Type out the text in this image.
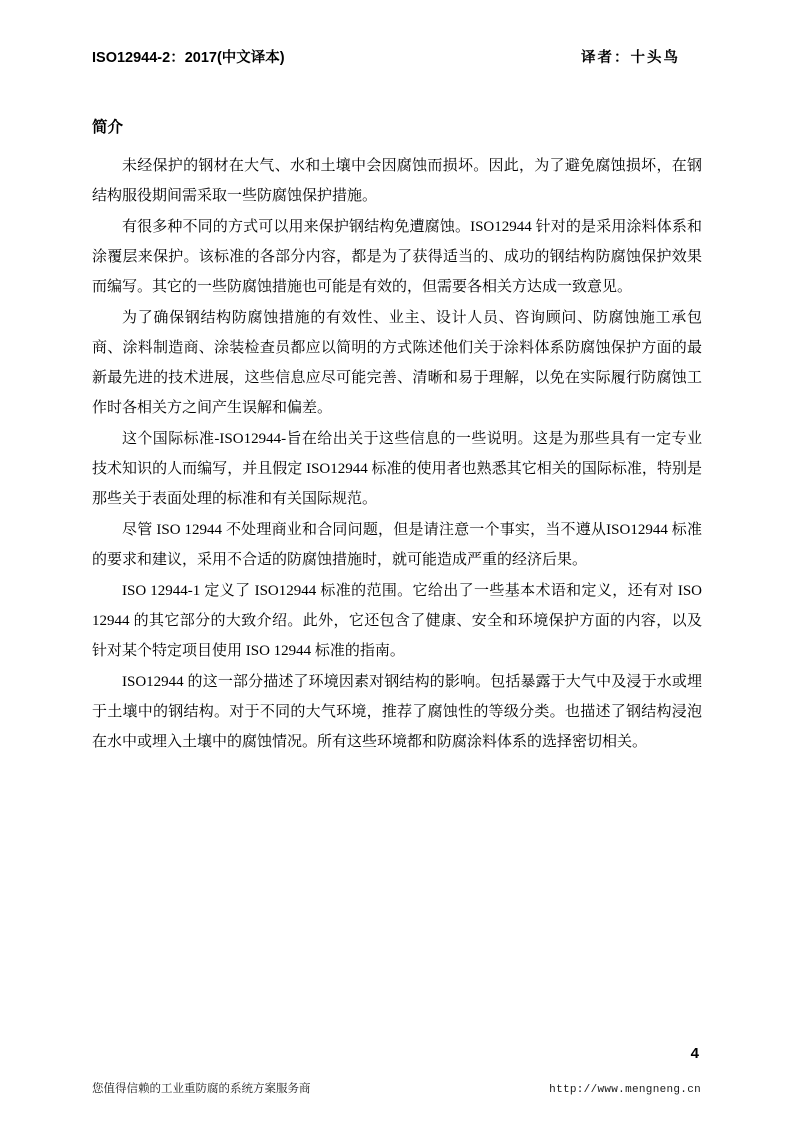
ISO12944-2：2017(中文译本)	译者：十头鸟
简介

未经保护的钢材在大气、水和土壤中会因腐蚀而损坏。因此，为了避免腐蚀损坏，在钢结构服役期间需采取一些防腐蚀保护措施。

有很多种不同的方式可以用来保护钢结构免遭腐蚀。ISO12944 针对的是采用涂料体系和涂覆层来保护。该标准的各部分内容，都是为了获得适当的、成功的钢结构防腐蚀保护效果而编写。其它的一些防腐蚀措施也可能是有效的，但需要各相关方达成一致意见。

为了确保钢结构防腐蚀措施的有效性、业主、设计人员、咨询顾问、防腐蚀施工承包商、涂料制造商、涂装检查员都应以简明的方式陈述他们关于涂料体系防腐蚀保护方面的最新最先进的技术进展，这些信息应尽可能完善、清晰和易于理解，以免在实际履行防腐蚀工作时各相关方之间产生误解和偏差。

这个国际标准-ISO12944-旨在给出关于这些信息的一些说明。这是为那些具有一定专业技术知识的人而编写，并且假定 ISO12944 标准的使用者也熟悉其它相关的国际标准，特别是那些关于表面处理的标准和有关国际规范。

尽管 ISO 12944 不处理商业和合同问题，但是请注意一个事实，当不遵从ISO12944 标准的要求和建议，采用不合适的防腐蚀措施时，就可能造成严重的经济后果。

ISO 12944-1 定义了 ISO12944 标准的范围。它给出了一些基本术语和定义，还有对 ISO 12944 的其它部分的大致介绍。此外，它还包含了健康、安全和环境保护方面的内容，以及针对某个特定项目使用 ISO 12944 标准的指南。

ISO12944 的这一部分描述了环境因素对钢结构的影响。包括暴露于大气中及浸于水或埋于土壤中的钢结构。对于不同的大气环境，推荐了腐蚀性的等级分类。也描述了钢结构浸泡在水中或埋入土壤中的腐蚀情况。所有这些环境都和防腐涂料体系的选择密切相关。

4
您值得信赖的工业重防腐的系统方案服务商	http://www.mengneng.cn
